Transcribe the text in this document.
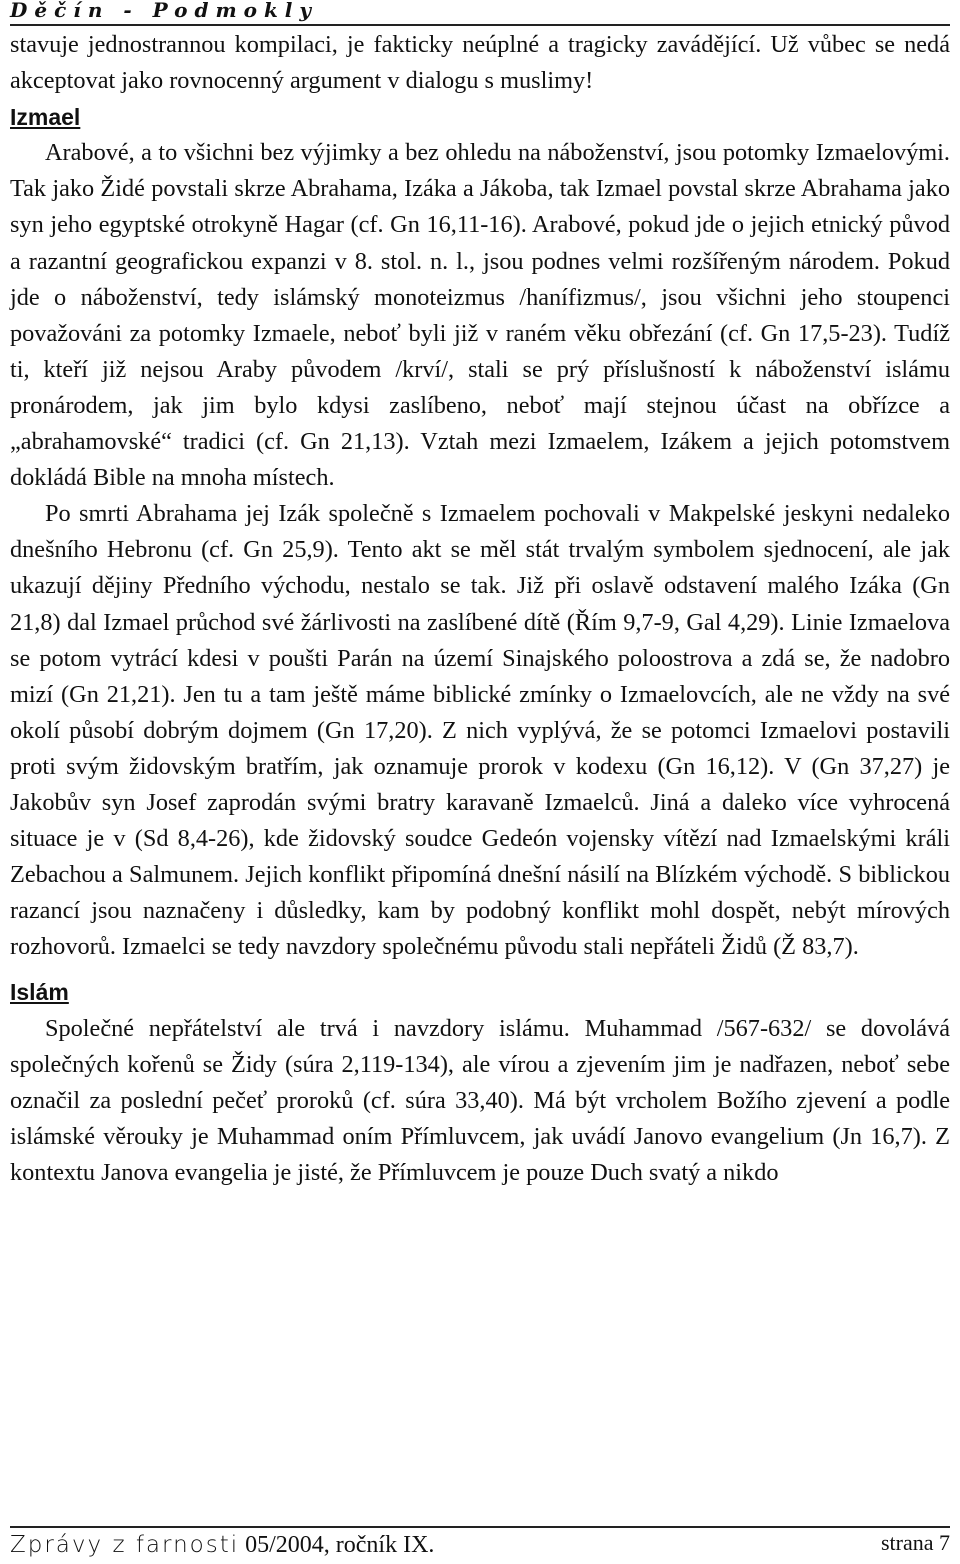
Děčín - Podmokly

stavuje jednostrannou kompilaci, je fakticky neúplné a tragicky zavádějící. Už vůbec se nedá akceptovat jako rovnocenný argument v dialogu s muslimy!

Izmael

Arabové, a to všichni bez výjimky a bez ohledu na náboženství, jsou potomky Izmaelovými. Tak jako Židé povstali skrze Abrahama, Izáka a Jákoba, tak Izmael povstal skrze Abrahama jako syn jeho egyptské otrokyně Hagar (cf. Gn 16,11-16). Arabové, pokud jde o jejich etnický původ a razantní geografickou expanzi v 8. stol. n. l., jsou podnes velmi rozšířeným národem. Pokud jde o náboženství, tedy islámský monoteizmus /hanífizmus/, jsou všichni jeho stoupenci považováni za potomky Izmaele, neboť byli již v raném věku obřezání (cf. Gn 17,5-23). Tudíž ti, kteří již nejsou Araby původem /krví/, stali se prý příslušností k náboženství islámu pronárodem, jak jim bylo kdysi zaslíbeno, neboť mají stejnou účast na obřízce a „abrahamovské“ tradici (cf. Gn 21,13). Vztah mezi Izmaelem, Izákem a jejich potomstvem dokládá Bible na mnoha místech.

Po smrti Abrahama jej Izák společně s Izmaelem pochovali v Makpelské jeskyni nedaleko dnešního Hebronu (cf. Gn 25,9). Tento akt se měl stát trvalým symbolem sjednocení, ale jak ukazují dějiny Předního východu, nestalo se tak. Již při oslavě odstavení malého Izáka (Gn 21,8) dal Izmael průchod své žárlivosti na zaslíbené dítě (Řím 9,7-9, Gal 4,29). Linie Izmaelova se potom vytrácí kdesi v poušti Parán na území Sinajského poloostrova a zdá se, že nadobro mizí (Gn 21,21). Jen tu a tam ještě máme biblické zmínky o Izmaelovcích, ale ne vždy na své okolí působí dobrým dojmem (Gn 17,20). Z nich vyplývá, že se potomci Izmaelovi postavili proti svým židovským bratřím, jak oznamuje prorok v kodexu (Gn 16,12). V (Gn 37,27) je Jakobův syn Josef zaprodán svými bratry karavaně Izmaelců. Jiná a daleko více vyhrocená situace je v (Sd 8,4-26), kde židovský soudce Gedeón vojensky vítězí nad Izmaelskými králi Zebachou a Salmunem. Jejich konflikt připomíná dnešní násilí na Blízkém východě. S biblickou razancí jsou naznačeny i důsledky, kam by podobný konflikt mohl dospět, nebýt mírových rozhovorů. Izmaelci se tedy navzdory společnému původu stali nepřáteli Židů (Ž 83,7).

Islám

Společné nepřátelství ale trvá i navzdory islámu. Muhammad /567-632/ se dovolává společných kořenů se Židy (súra 2,119-134), ale vírou a zjevením jim je nadřazen, neboť sebe označil za poslední pečeť proroků (cf. súra 33,40). Má být vrcholem Božího zjevení a podle islámské věrouky je Muhammad oním Přímluvcem, jak uvádí Janovo evangelium (Jn 16,7). Z kontextu Janova evangelia je jisté, že Přímluvcem je pouze Duch svatý a nikdo

Zprávy z farnosti 05/2004, ročník IX.	strana 7
